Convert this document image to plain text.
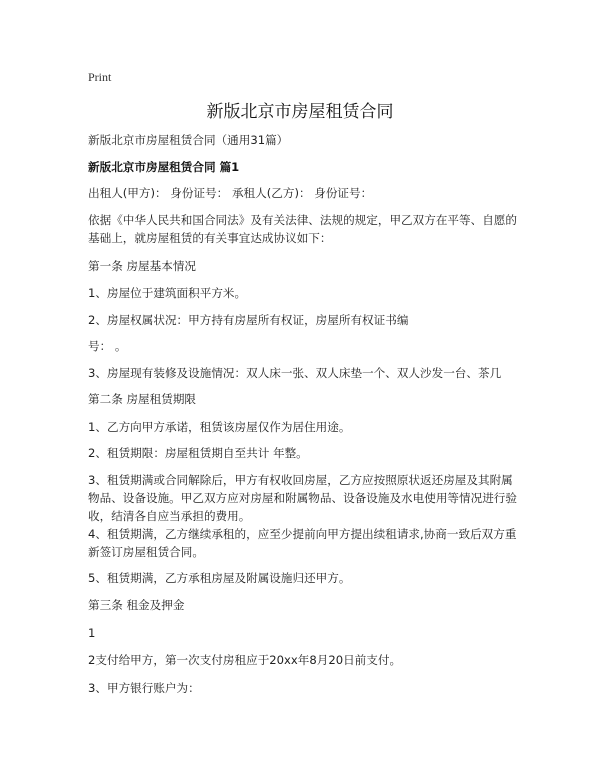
Print
新版北京市房屋租赁合同
新版北京市房屋租赁合同（通用31篇）
新版北京市房屋租赁合同 篇1
出租人(甲方)： 身份证号： 承租人(乙方)： 身份证号：
依据《中华人民共和国合同法》及有关法律、法规的规定，甲乙双方在平等、自愿的基础上，就房屋租赁的有关事宜达成协议如下：
第一条 房屋基本情况
1、房屋位于建筑面积平方米。
2、房屋权属状况：甲方持有房屋所有权证，房屋所有权证书编
号： 。
3、房屋现有装修及设施情况：双人床一张、双人床垫一个、双人沙发一台、茶几
第二条 房屋租赁期限
1、乙方向甲方承诺，租赁该房屋仅作为居住用途。
2、租赁期限：房屋租赁期自至共计 年整。
3、租赁期满或合同解除后，甲方有权收回房屋，乙方应按照原状返还房屋及其附属物品、设备设施。甲乙双方应对房屋和附属物品、设备设施及水电使用等情况进行验收，结清各自应当承担的费用。
4、租赁期满，乙方继续承租的，应至少提前向甲方提出续租请求,协商一致后双方重新签订房屋租赁合同。
5、租赁期满，乙方承租房屋及附属设施归还甲方。
第三条 租金及押金
1
2支付给甲方，第一次支付房租应于20xx年8月20日前支付。
3、甲方银行账户为：
